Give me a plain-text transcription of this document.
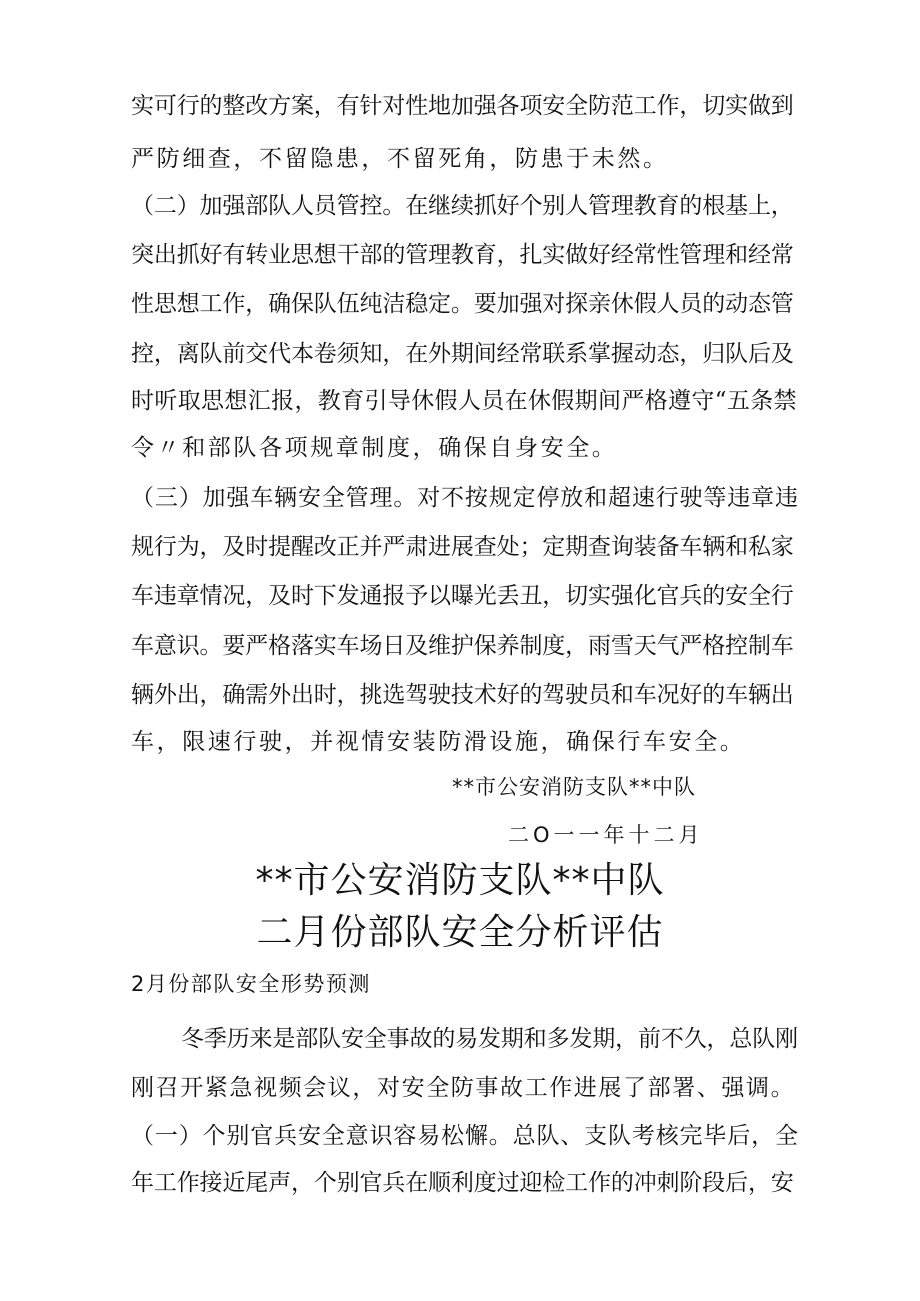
实可行的整改方案，有针对性地加强各项安全防范工作，切实做到
严防细查，不留隐患，不留死角，防患于未然。
（二）加强部队人员管控。在继续抓好个别人管理教育的根基上，
突出抓好有转业思想干部的管理教育，扎实做好经常性管理和经常
性思想工作，确保队伍纯洁稳定。要加强对探亲休假人员的动态管
控，离队前交代本卷须知，在外期间经常联系掌握动态，归队后及
时听取思想汇报，教育引导休假人员在休假期间严格遵守“五条禁
令〃和部队各项规章制度，确保自身安全。
（三）加强车辆安全管理。对不按规定停放和超速行驶等违章违
规行为，及时提醒改正并严肃进展查处；定期查询装备车辆和私家
车违章情况，及时下发通报予以曝光丢丑，切实强化官兵的安全行
车意识。要严格落实车场日及维护保养制度，雨雪天气严格控制车
辆外出，确需外出时，挑选驾驶技术好的驾驶员和车况好的车辆出
车，限速行驶，并视情安装防滑设施，确保行车安全。
**市公安消防支队**中队
二O一一年十二月
**市公安消防支队**中队
二月份部队安全分析评估
2月份部队安全形势预测
冬季历来是部队安全事故的易发期和多发期，前不久，总队刚
刚召开紧急视频会议，对安全防事故工作进展了部署、强调。
（一）个别官兵安全意识容易松懈。总队、支队考核完毕后，全
年工作接近尾声，个别官兵在顺利度过迎检工作的冲刺阶段后，安
